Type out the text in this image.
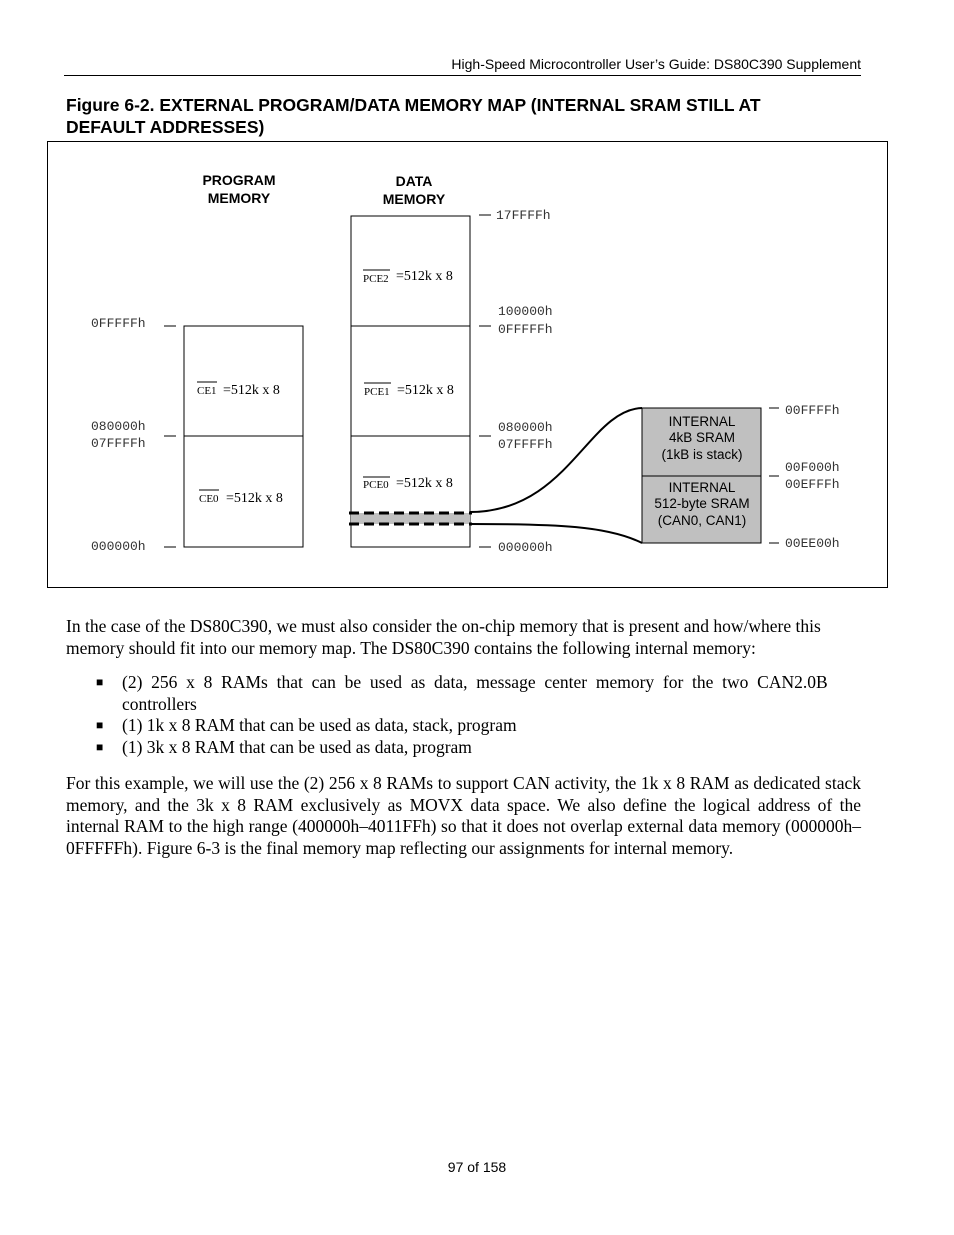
High-Speed Microcontroller User’s Guide: DS80C390 Supplement
Figure 6-2. EXTERNAL PROGRAM/DATA MEMORY MAP (INTERNAL SRAM STILL AT
DEFAULT ADDRESSES)
PROGRAM
MEMORY
DATA
MEMORY
CE1 =512k x 8
CE0 =512k x 8
0FFFFFh
080000h
07FFFFh
000000h
PCE2 =512k x 8
PCE1 =512k x 8
PCE0 =512k x 8
17FFFFh
100000h
0FFFFFh
080000h
07FFFFh
000000h
INTERNAL
4kB SRAM
(1kB is stack)
INTERNAL
512-byte SRAM
(CAN0, CAN1)
00FFFFh
00F000h
00EFFFh
00EE00h
In the case of the DS80C390, we must also consider the on-chip memory that is present and how/where this memory should fit into our memory map. The DS80C390 contains the following internal memory:
■ (2)  256  x  8  RAMs  that  can  be  used  as  data,  message  center  memory  for  the  two  CAN2.0B
controllers
■ (1) 1k x 8 RAM that can be used as data, stack, program
■ (1) 3k x 8 RAM that can be used as data, program
For this example, we will use the (2) 256 x 8 RAMs to support CAN activity, the 1k x 8 RAM as dedicated stack memory, and the 3k x 8 RAM exclusively as MOVX data space. We also define the logical address of the internal RAM to the high range (400000h–4011FFh) so that it does not overlap external data memory (000000h–0FFFFFh). Figure 6-3 is the final memory map reflecting our assignments for internal memory.
97 of 158
